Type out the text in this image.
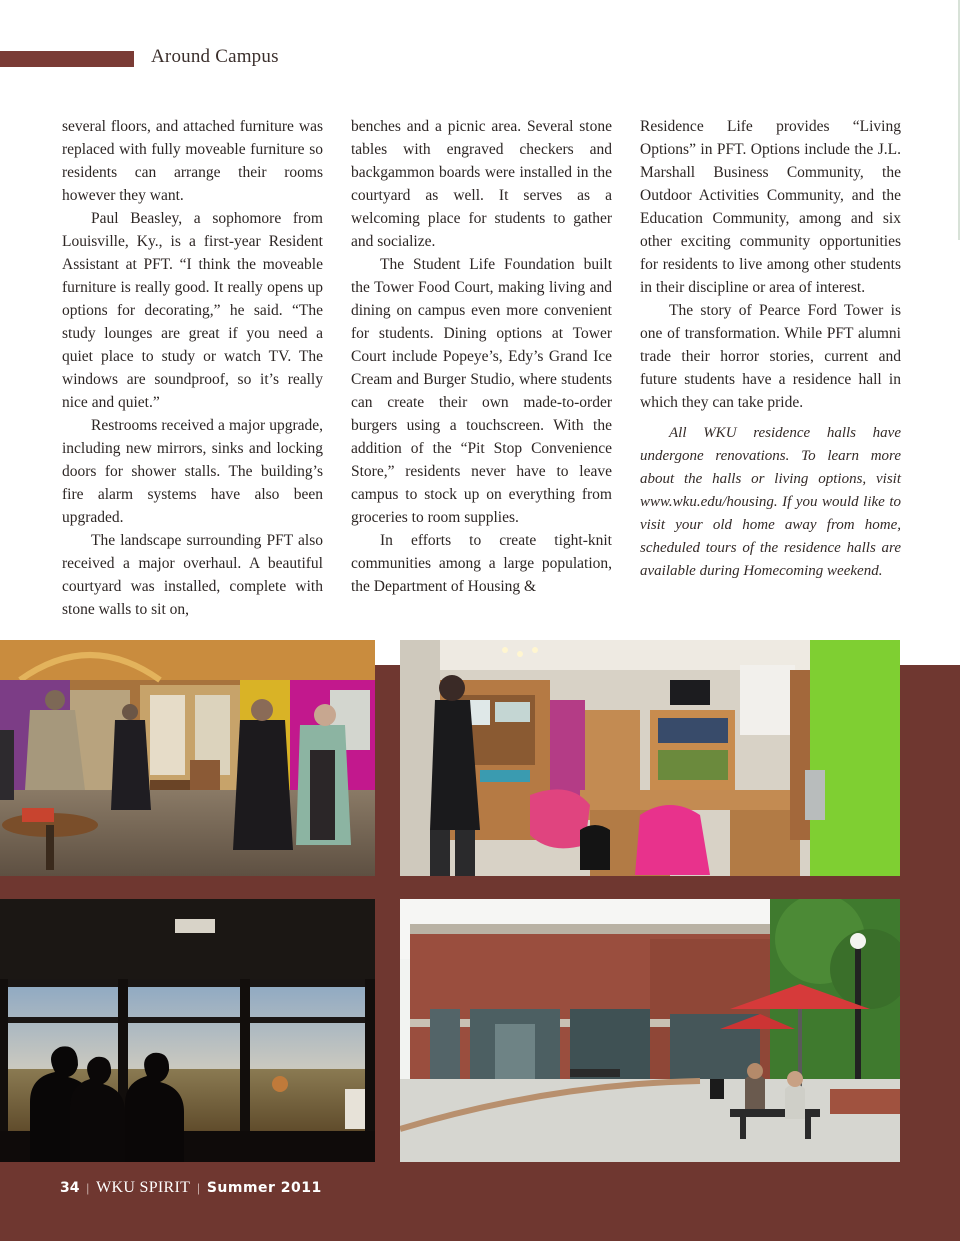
Around Campus

several floors, and attached furniture was replaced with fully moveable furniture so residents can arrange their rooms however they want.

Paul Beasley, a sophomore from Louisville, Ky., is a first-year Resident Assistant at PFT. “I think the moveable furniture is really good. It really opens up options for decorating,” he said. “The study lounges are great if you need a quiet place to study or watch TV. The windows are soundproof, so it’s really nice and quiet.”

Restrooms received a major upgrade, including new mirrors, sinks and locking doors for shower stalls. The building’s fire alarm systems have also been upgraded.

The landscape surrounding PFT also received a major overhaul. A beautiful courtyard was installed, complete with stone walls to sit on,

benches and a picnic area. Several stone tables with engraved checkers and backgammon boards were installed in the courtyard as well. It serves as a welcoming place for students to gather and socialize.

The Student Life Foundation built the Tower Food Court, making living and dining on campus even more convenient for students. Dining options at Tower Court include Popeye’s, Edy’s Grand Ice Cream and Burger Studio, where students can create their own made-to-order burgers using a touchscreen. With the addition of the “Pit Stop Convenience Store,” residents never have to leave campus to stock up on everything from groceries to room supplies.

In efforts to create tight-knit communities among a large population, the Department of Housing &

Residence Life provides “Living Options” in PFT. Options include the J.L. Marshall Business Community, the Outdoor Activities Community, and the Education Community, among and six other exciting community opportunities for residents to live among other students in their discipline or area of interest.

The story of Pearce Ford Tower is one of transformation. While PFT alumni trade their horror stories, current and future students have a residence hall in which they can take pride.

All WKU residence halls have undergone renovations. To learn more about the halls or living options, visit www.wku.edu/housing. If you would like to visit your old home away from home, scheduled tours of the residence halls are available during Homecoming weekend.

34 | WKU SPIRIT | Summer 2011
